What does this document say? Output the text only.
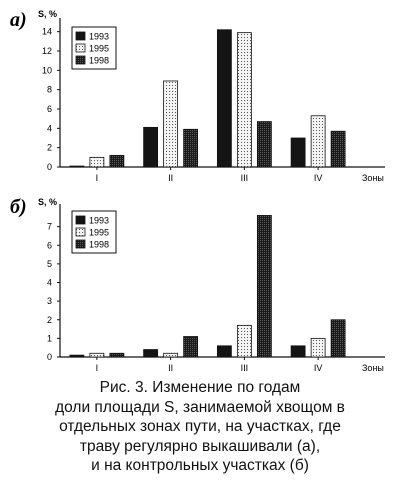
а) S, %
0
2
4
6
8
10
12
14
I	II	III	IV	Зоны
1993
1995
1998
б) S, %
0
1
2
3
4
5
6
7
I	II	III	IV	Зоны
1993
1995
1998
Рис. 3. Изменение по годам
доли площади S, занимаемой хвощом в
отдельных зонах пути, на участках, где
траву регулярно выкашивали (а),
и на контрольных участках (б)
